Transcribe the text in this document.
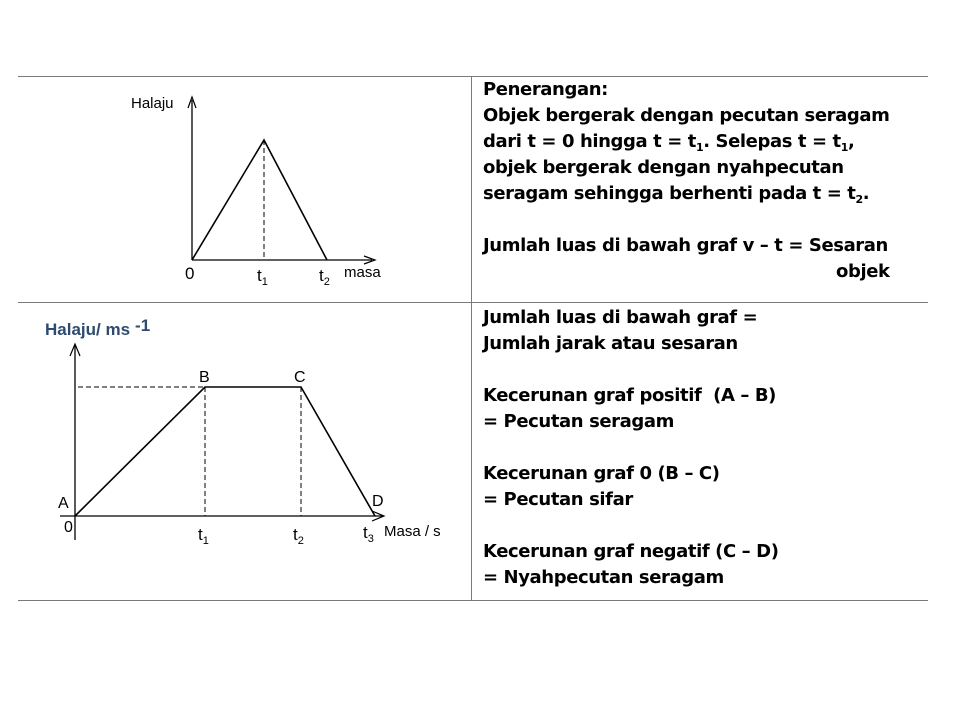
Halaju
0	$t_1$	$t_2$
masa
Halaju/ ms -1
A
0
B	C
D
$t_1$	$t_2$	$t_3$ Masa / s
Penerangan:
Objek bergerak dengan pecutan seragam
dari t = 0 hingga $t = t_1$. Selepas $t = t_1$,
objek bergerak dengan nyahpecutan
seragam sehingga berhenti pada $t = t_2$.
Jumlah luas di bawah graf v – t = Sesaran
objek
Jumlah luas di bawah graf =
Jumlah jarak atau sesaran
Kecerunan graf positif  (A – B)
= Pecutan seragam
Kecerunan graf 0 (B – C)
= Pecutan sifar
Kecerunan graf negatif (C – D)
= Nyahpecutan seragam
